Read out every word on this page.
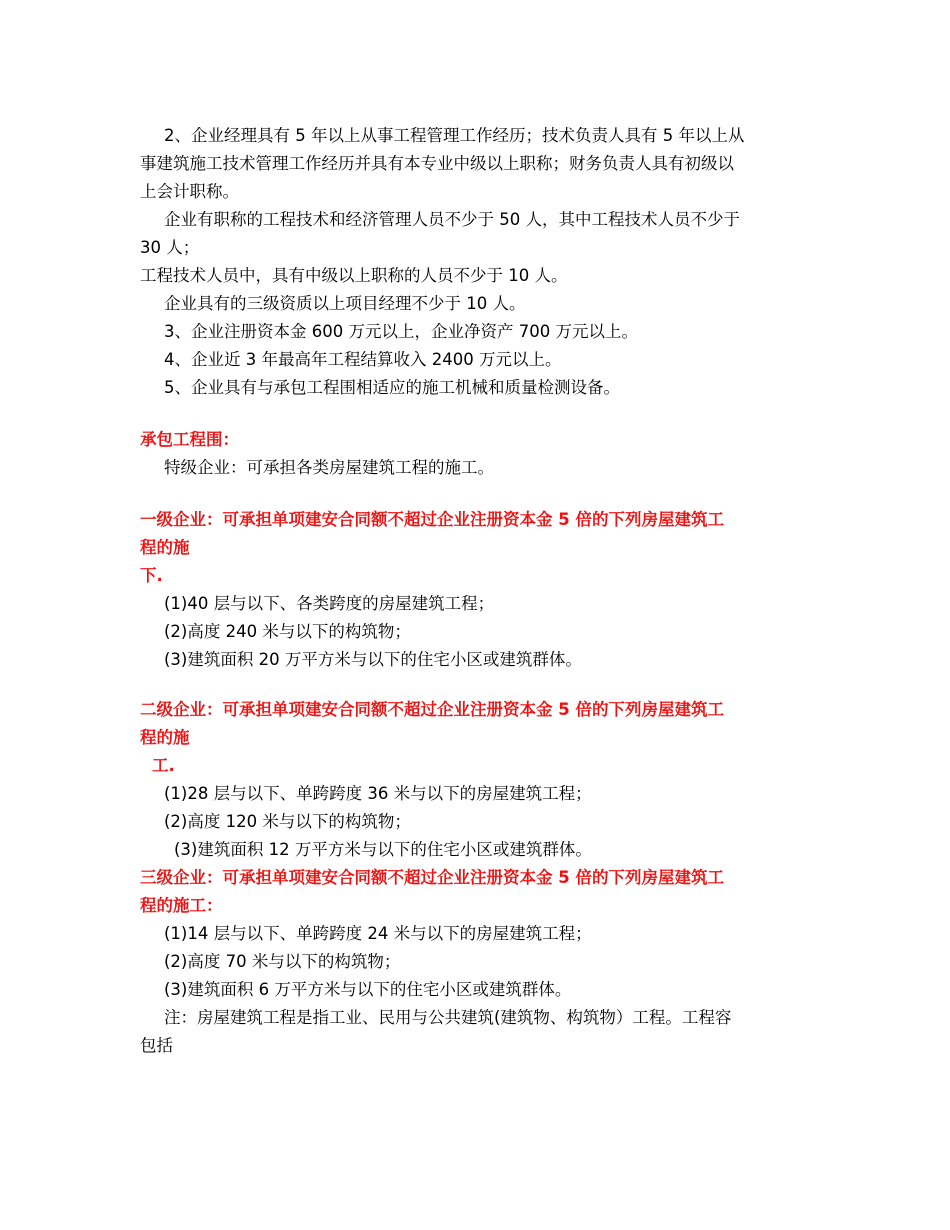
2、企业经理具有 5 年以上从事工程管理工作经历；技术负责人具有 5 年以上从
事建筑施工技术管理工作经历并具有本专业中级以上职称；财务负责人具有初级以
上会计职称。
企业有职称的工程技术和经济管理人员不少于 50 人，其中工程技术人员不少于
30 人；
工程技术人员中，具有中级以上职称的人员不少于 10 人。
企业具有的三级资质以上项目经理不少于 10 人。
3、企业注册资本金 600 万元以上，企业净资产 700 万元以上。
4、企业近 3 年最高年工程结算收入 2400 万元以上。
5、企业具有与承包工程围相适应的施工机械和质量检测设备。
承包工程围：
特级企业：可承担各类房屋建筑工程的施工。
一级企业：可承担单项建安合同额不超过企业注册资本金 5 倍的下列房屋建筑工
程的施
下.
(1)40 层与以下、各类跨度的房屋建筑工程；
(2)高度 240 米与以下的构筑物；
(3)建筑面积 20 万平方米与以下的住宅小区或建筑群体。
二级企业：可承担单项建安合同额不超过企业注册资本金 5 倍的下列房屋建筑工
程的施
工.
(1)28 层与以下、单跨跨度 36 米与以下的房屋建筑工程；
(2)高度 120 米与以下的构筑物；
(3)建筑面积 12 万平方米与以下的住宅小区或建筑群体。
三级企业：可承担单项建安合同额不超过企业注册资本金 5 倍的下列房屋建筑工
程的施工：
(1)14 层与以下、单跨跨度 24 米与以下的房屋建筑工程；
(2)高度 70 米与以下的构筑物；
(3)建筑面积 6 万平方米与以下的住宅小区或建筑群体。
注：房屋建筑工程是指工业、民用与公共建筑(建筑物、构筑物）工程。工程容
包括
